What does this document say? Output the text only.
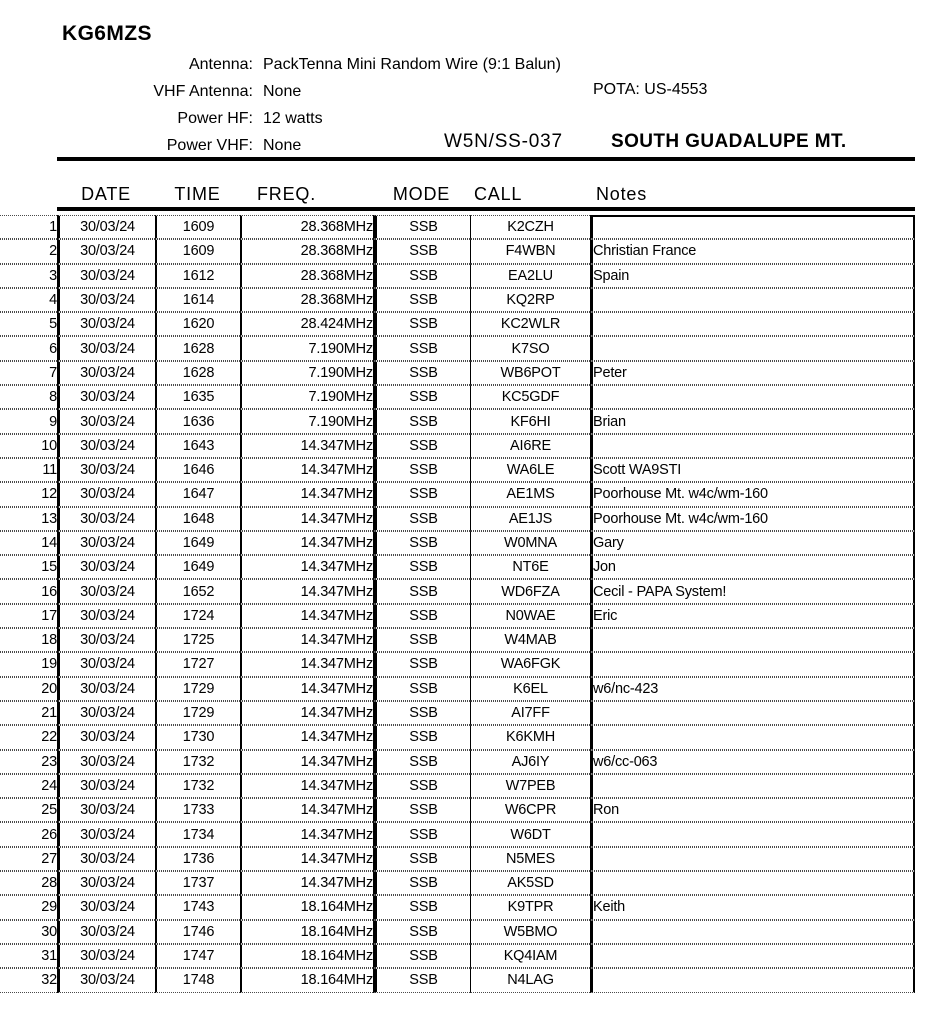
KG6MZS
Antenna: PackTenna Mini Random Wire (9:1 Balun)
VHF Antenna: None
Power HF: 12 watts
Power VHF: None
POTA: US-4553
W5N/SS-037	SOUTH GUADALUPE MT.
DATE	TIME	FREQ.	MODE	CALL	Notes
1	30/03/24	1609	28.368MHz	SSB	K2CZH	
2	30/03/24	1609	28.368MHz	SSB	F4WBN	Christian France
3	30/03/24	1612	28.368MHz	SSB	EA2LU	Spain
4	30/03/24	1614	28.368MHz	SSB	KQ2RP	
5	30/03/24	1620	28.424MHz	SSB	KC2WLR	
6	30/03/24	1628	7.190MHz	SSB	K7SO	
7	30/03/24	1628	7.190MHz	SSB	WB6POT	Peter
8	30/03/24	1635	7.190MHz	SSB	KC5GDF	
9	30/03/24	1636	7.190MHz	SSB	KF6HI	Brian
10	30/03/24	1643	14.347MHz	SSB	AI6RE	
11	30/03/24	1646	14.347MHz	SSB	WA6LE	Scott WA9STI
12	30/03/24	1647	14.347MHz	SSB	AE1MS	Poorhouse Mt. w4c/wm-160
13	30/03/24	1648	14.347MHz	SSB	AE1JS	Poorhouse Mt. w4c/wm-160
14	30/03/24	1649	14.347MHz	SSB	W0MNA	Gary
15	30/03/24	1649	14.347MHz	SSB	NT6E	Jon
16	30/03/24	1652	14.347MHz	SSB	WD6FZA	Cecil - PAPA System!
17	30/03/24	1724	14.347MHz	SSB	N0WAE	Eric
18	30/03/24	1725	14.347MHz	SSB	W4MAB	
19	30/03/24	1727	14.347MHz	SSB	WA6FGK	
20	30/03/24	1729	14.347MHz	SSB	K6EL	w6/nc-423
21	30/03/24	1729	14.347MHz	SSB	AI7FF	
22	30/03/24	1730	14.347MHz	SSB	K6KMH	
23	30/03/24	1732	14.347MHz	SSB	AJ6IY	w6/cc-063
24	30/03/24	1732	14.347MHz	SSB	W7PEB	
25	30/03/24	1733	14.347MHz	SSB	W6CPR	Ron
26	30/03/24	1734	14.347MHz	SSB	W6DT	
27	30/03/24	1736	14.347MHz	SSB	N5MES	
28	30/03/24	1737	14.347MHz	SSB	AK5SD	
29	30/03/24	1743	18.164MHz	SSB	K9TPR	Keith
30	30/03/24	1746	18.164MHz	SSB	W5BMO	
31	30/03/24	1747	18.164MHz	SSB	KQ4IAM	
32	30/03/24	1748	18.164MHz	SSB	N4LAG	
